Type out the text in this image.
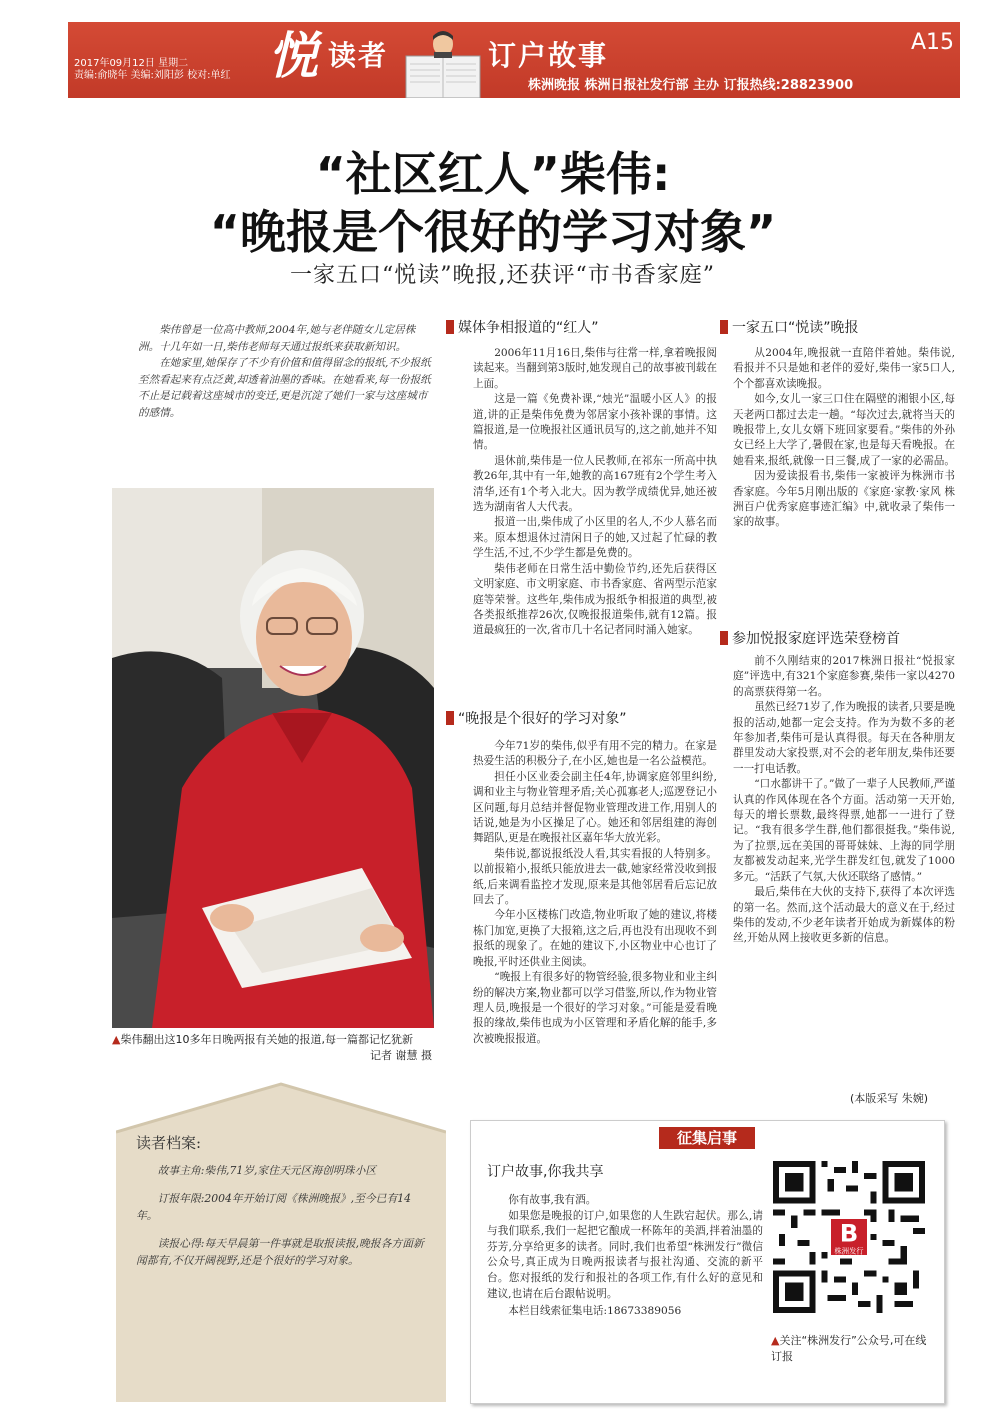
2017年09月12日 星期二
责编:俞晓年 美编:刘阳彭 校对:单红 悦 读者	订户故事	A15
株洲晚报 株洲日报社发行部 主办 订报热线:28823900
“社区红人”柴伟:
“晚报是个很好的学习对象”
一家五口“悦读”晚报,还获评“市书香家庭”

柴伟曾是一位高中教师,2004年,她与老伴随女儿定居株洲。十几年如一日,柴伟老师每天通过报纸来获取新知识。

在她家里,她保存了不少有价值和值得留念的报纸,不少报纸至然看起来有点泛黄,却透着油墨的香味。在她看来,每一份报纸不止是记载着这座城市的变迁,更是沉淀了她们一家与这座城市的感情。

▲柴伟翻出这10多年日晚两报有关她的报道,每一篇都记忆犹新
记者 谢慧 摄
媒体争相报道的“红人”

2006年11月16日,柴伟与往常一样,拿着晚报阅读起来。当翻到第3版时,她发现自己的故事被刊载在上面。

这是一篇《免费补课,“烛光”温暖小区人》的报道,讲的正是柴伟免费为邻居家小孩补课的事情。这篇报道,是一位晚报社区通讯员写的,这之前,她并不知情。

退休前,柴伟是一位人民教师,在祁东一所高中执教26年,其中有一年,她教的高167班有2个学生考入清华,还有1个考入北大。因为教学成绩优异,她还被选为湖南省人大代表。

报道一出,柴伟成了小区里的名人,不少人慕名而来。原本想退休过清闲日子的她,又过起了忙碌的教学生活,不过,不少学生都是免费的。

柴伟老师在日常生活中勤俭节约,还先后获得区文明家庭、市文明家庭、市书香家庭、省两型示范家庭等荣誉。这些年,柴伟成为报纸争相报道的典型,被各类报纸推荐26次,仅晚报报道柴伟,就有12篇。报道最疯狂的一次,省市几十名记者同时涌入她家。

“晚报是个很好的学习对象”

今年71岁的柴伟,似乎有用不完的精力。在家是热爱生活的积极分子,在小区,她也是一名公益模范。

担任小区业委会副主任4年,协调家庭邻里纠纷,调和业主与物业管理矛盾;关心孤寡老人;巡逻登记小区问题,每月总结并督促物业管理改进工作,用别人的话说,她是为小区操足了心。她还和邻居组建的海创舞蹈队,更是在晚报社区嘉年华大放光彩。

柴伟说,都说报纸没人看,其实看报的人特别多。以前报箱小,报纸只能放进去一截,她家经常没收到报纸,后来调看监控才发现,原来是其他邻居看后忘记放回去了。

今年小区楼栋门改造,物业听取了她的建议,将楼栋门加宽,更换了大报箱,这之后,再也没有出现收不到报纸的现象了。在她的建议下,小区物业中心也订了晚报,平时还供业主阅读。

“晚报上有很多好的物管经验,很多物业和业主纠纷的解决方案,物业都可以学习借鉴,所以,作为物业管理人员,晚报是一个很好的学习对象。”可能是爱看晚报的缘故,柴伟也成为小区管理和矛盾化解的能手,多次被晚报报道。

一家五口“悦读”晚报

从2004年,晚报就一直陪伴着她。柴伟说,看报并不只是她和老伴的爱好,柴伟一家5口人,个个都喜欢读晚报。

如今,女儿一家三口住在隔壁的湘银小区,每天老两口都过去走一趟。“每次过去,就将当天的晚报带上,女儿女婿下班回家要看。”柴伟的外孙女已经上大学了,暑假在家,也是每天看晚报。在她看来,报纸,就像一日三餐,成了一家的必需品。

因为爱读报看书,柴伟一家被评为株洲市书香家庭。今年5月刚出版的《家庭·家教·家风 株洲百户优秀家庭事迹汇编》中,就收录了柴伟一家的故事。

参加悦报家庭评选荣登榜首

前不久刚结束的2017株洲日报社“悦报家庭”评选中,有321个家庭参赛,柴伟一家以4270的高票获得第一名。

虽然已经71岁了,作为晚报的读者,只要是晚报的活动,她都一定会支持。作为为数不多的老年参加者,柴伟可是认真得很。每天在各种朋友群里发动大家投票,对不会的老年朋友,柴伟还要一一打电话教。

“口水都讲干了。”做了一辈子人民教师,严谨认真的作风体现在各个方面。活动第一天开始,每天的增长票数,最终得票,她都一一进行了登记。“我有很多学生群,他们都很挺我。”柴伟说,为了拉票,远在美国的哥哥妹妹、上海的同学朋友都被发动起来,光学生群发红包,就发了1000多元。“活跃了气氛,大伙还联络了感情。”

最后,柴伟在大伙的支持下,获得了本次评选的第一名。然而,这个活动最大的意义在于,经过柴伟的发动,不少老年读者开始成为新媒体的粉丝,开始从网上接收更多新的信息。

(本版采写 朱婉)
读者档案:

故事主角:柴伟,71岁,家住天元区海创明珠小区

订报年限:2004年开始订阅《株洲晚报》,至今已有14年。

读报心得:每天早晨第一件事就是取报读报,晚报各方面新闻都有,不仅开阔视野,还是个很好的学习对象。

征集启事
订户故事,你我共享

你有故事,我有酒。

如果您是晚报的订户,如果您的人生跌宕起伏。那么,请与我们联系,我们一起把它酿成一杯陈年的美酒,拌着油墨的芬芳,分享给更多的读者。同时,我们也希望“株洲发行”微信公众号,真正成为日晚两报读者与报社沟通、交流的新平台。您对报纸的发行和报社的各项工作,有什么好的意见和建议,也请在后台跟帖说明。

本栏目线索征集电话:18673389056

B
株洲发行
▲关注“株洲发行”公众号,可在线订报
